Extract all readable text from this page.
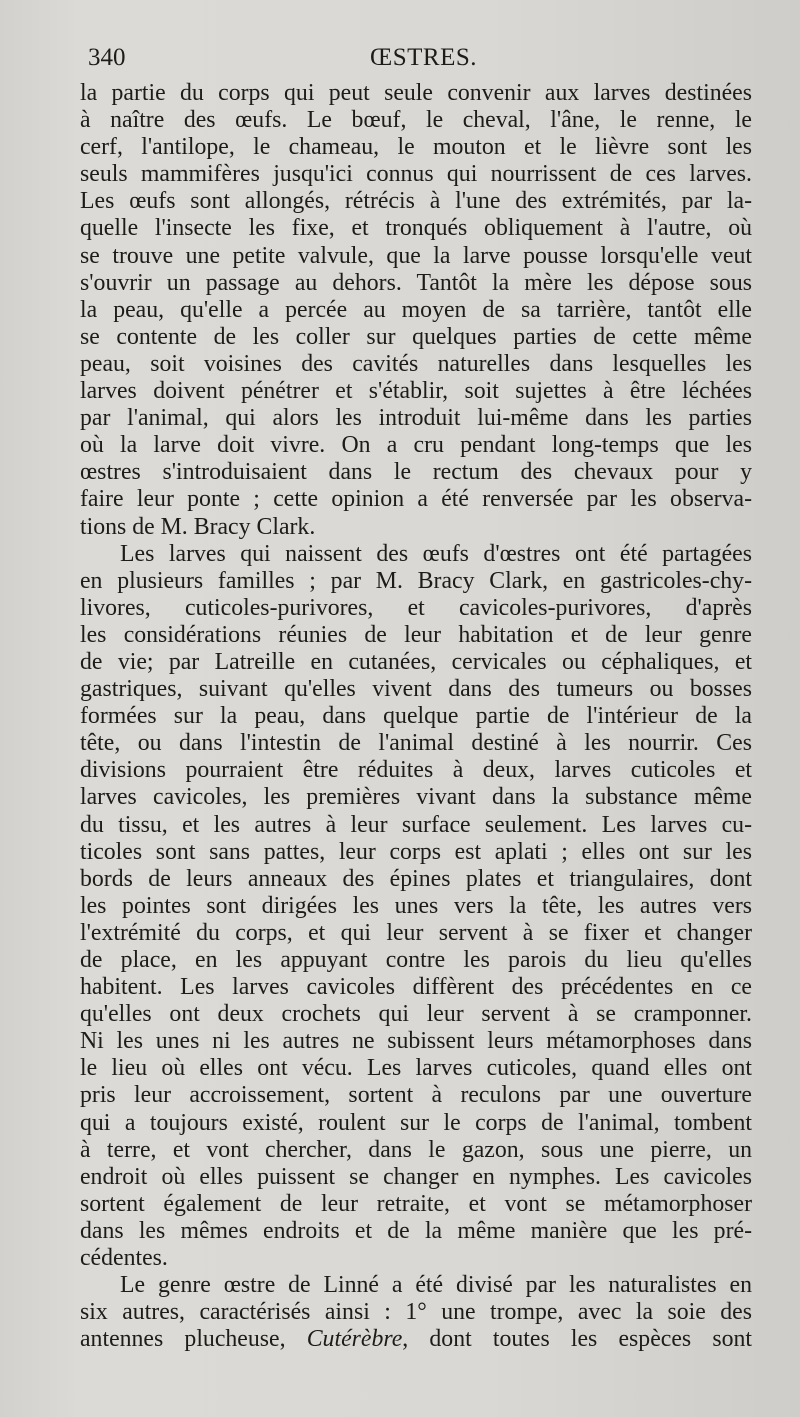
340	ŒSTRES.
la partie du corps qui peut seule convenir aux larves destinées
à naître des œufs. Le bœuf, le cheval, l'âne, le renne, le
cerf, l'antilope, le chameau, le mouton et le lièvre sont les
seuls mammifères jusqu'ici connus qui nourrissent de ces larves.
Les œufs sont allongés, rétrécis à l'une des extrémités, par la-
quelle l'insecte les fixe, et tronqués obliquement à l'autre, où
se trouve une petite valvule, que la larve pousse lorsqu'elle veut
s'ouvrir un passage au dehors. Tantôt la mère les dépose sous
la peau, qu'elle a percée au moyen de sa tarrière, tantôt elle
se contente de les coller sur quelques parties de cette même
peau, soit voisines des cavités naturelles dans lesquelles les
larves doivent pénétrer et s'établir, soit sujettes à être léchées
par l'animal, qui alors les introduit lui-même dans les parties
où la larve doit vivre. On a cru pendant long-temps que les
œstres s'introduisaient dans le rectum des chevaux pour y
faire leur ponte ; cette opinion a été renversée par les observa-
tions de M. Bracy Clark.
Les larves qui naissent des œufs d'œstres ont été partagées
en plusieurs familles ; par M. Bracy Clark, en gastricoles-chy-
livores, cuticoles-purivores, et cavicoles-purivores, d'après
les considérations réunies de leur habitation et de leur genre
de vie; par Latreille en cutanées, cervicales ou céphaliques, et
gastriques, suivant qu'elles vivent dans des tumeurs ou bosses
formées sur la peau, dans quelque partie de l'intérieur de la
tête, ou dans l'intestin de l'animal destiné à les nourrir. Ces
divisions pourraient être réduites à deux, larves cuticoles et
larves cavicoles, les premières vivant dans la substance même
du tissu, et les autres à leur surface seulement. Les larves cu-
ticoles sont sans pattes, leur corps est aplati ; elles ont sur les
bords de leurs anneaux des épines plates et triangulaires, dont
les pointes sont dirigées les unes vers la tête, les autres vers
l'extrémité du corps, et qui leur servent à se fixer et changer
de place, en les appuyant contre les parois du lieu qu'elles
habitent. Les larves cavicoles diffèrent des précédentes en ce
qu'elles ont deux crochets qui leur servent à se cramponner.
Ni les unes ni les autres ne subissent leurs métamorphoses dans
le lieu où elles ont vécu. Les larves cuticoles, quand elles ont
pris leur accroissement, sortent à reculons par une ouverture
qui a toujours existé, roulent sur le corps de l'animal, tombent
à terre, et vont chercher, dans le gazon, sous une pierre, un
endroit où elles puissent se changer en nymphes. Les cavicoles
sortent également de leur retraite, et vont se métamorphoser
dans les mêmes endroits et de la même manière que les pré-
cédentes.
Le genre œstre de Linné a été divisé par les naturalistes en
six autres, caractérisés ainsi : 1° une trompe, avec la soie des
antennes plucheuse, Cutérèbre, dont toutes les espèces sont
